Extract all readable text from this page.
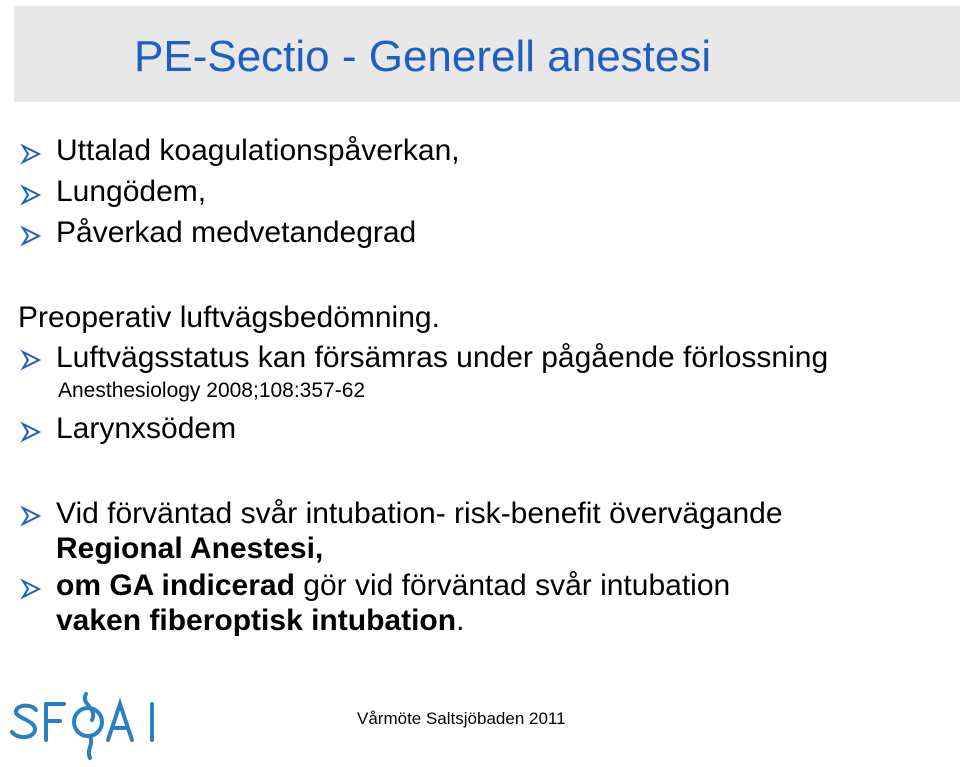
PE-Sectio - Generell anestesi
Uttalad koagulationspåverkan,
Lungödem,
Påverkad medvetandegrad
Preoperativ luftvägsbedömning.
Luftvägsstatus kan försämras under pågående förlossning
Anesthesiology 2008;108:357-62
Larynxsödem
Vid förväntad svår intubation- risk-benefit övervägande
Regional Anestesi,
om GA indicerad gör vid förväntad svår intubation
vaken fiberoptisk intubation.
Vårmöte Saltsjöbaden 2011
